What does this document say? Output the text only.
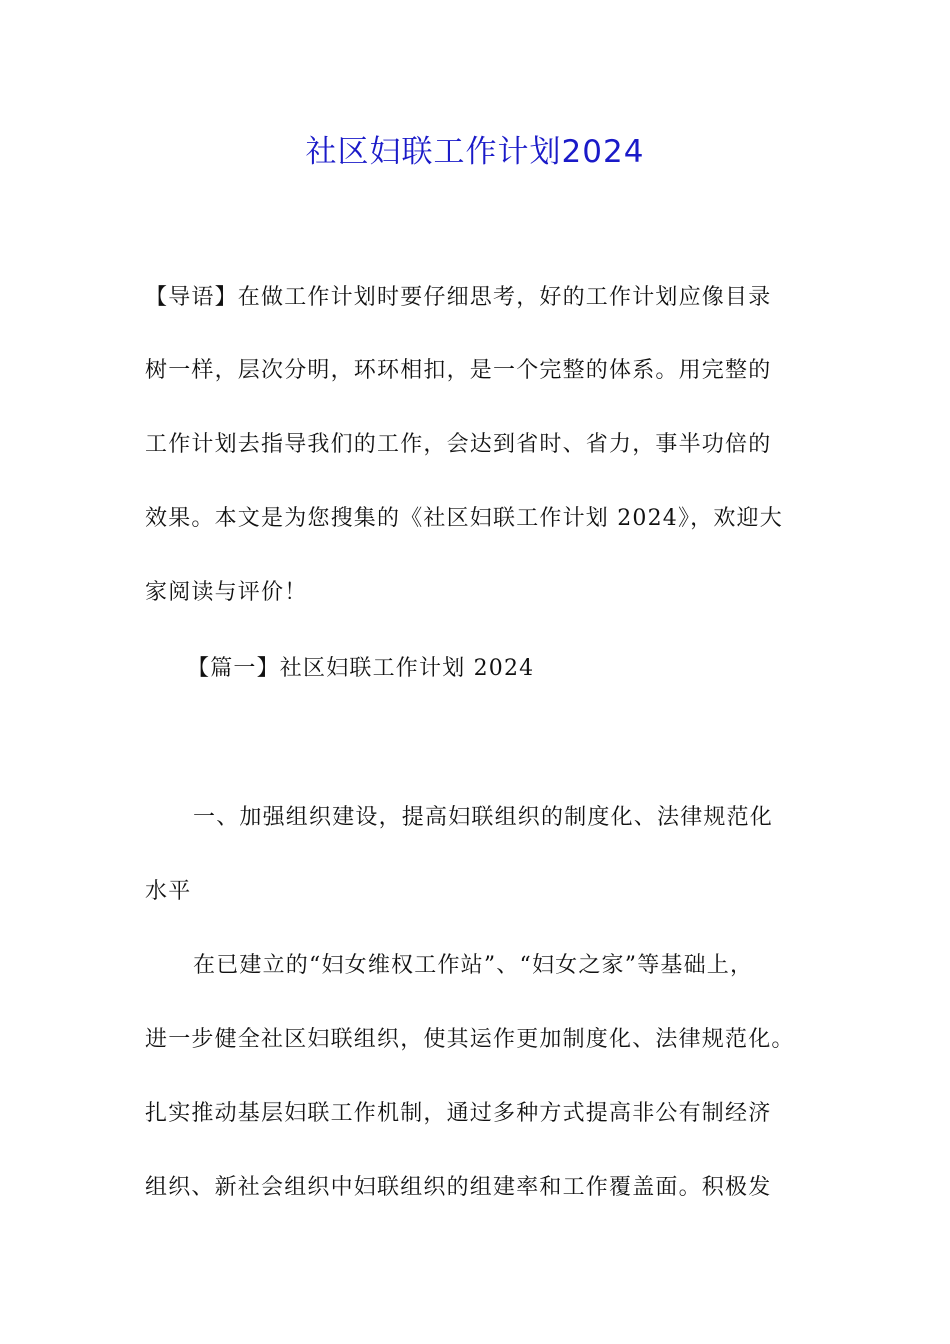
社区妇联工作计划2024
【导语】在做工作计划时要仔细思考，好的工作计划应像目录
树一样，层次分明，环环相扣，是一个完整的体系。用完整的
工作计划去指导我们的工作，会达到省时、省力，事半功倍的
效果。本文是为您搜集的《社区妇联工作计划 2024》，欢迎大
家阅读与评价！
【篇一】社区妇联工作计划 2024
一、加强组织建设，提高妇联组织的制度化、法律规范化
水平
在已建立的“妇女维权工作站”、“妇女之家”等基础上，
进一步健全社区妇联组织，使其运作更加制度化、法律规范化。
扎实推动基层妇联工作机制，通过多种方式提高非公有制经济
组织、新社会组织中妇联组织的组建率和工作覆盖面。积极发
